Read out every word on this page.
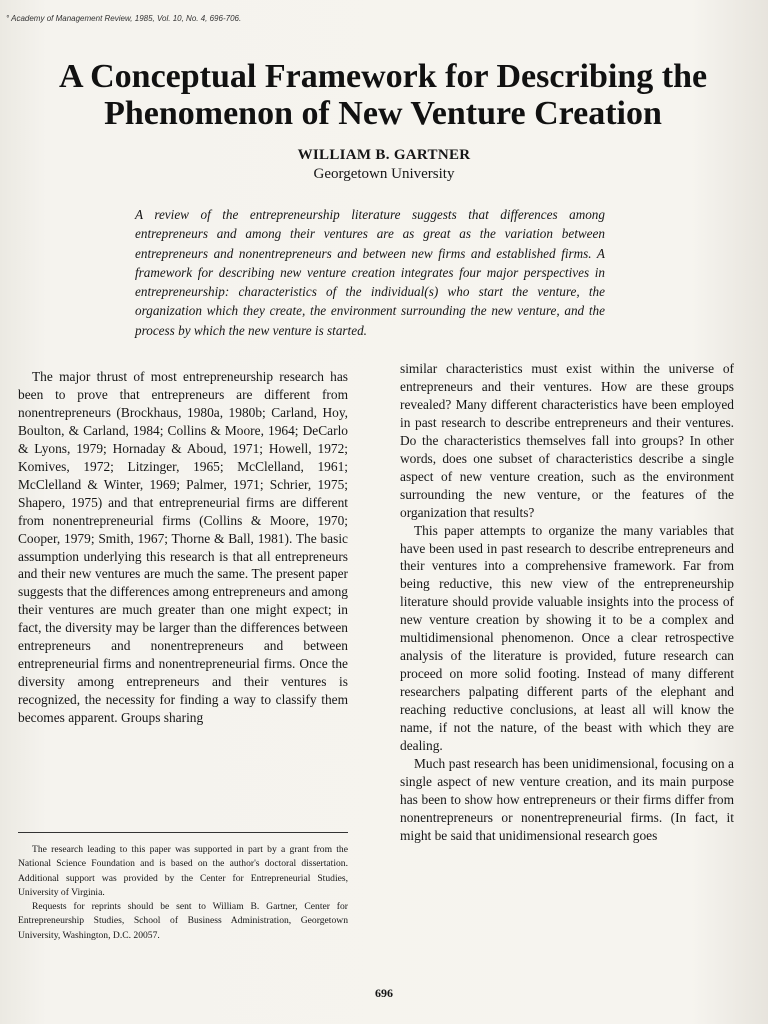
° Academy of Management Review, 1985, Vol. 10, No. 4, 696-706.
A Conceptual Framework for Describing the Phenomenon of New Venture Creation
WILLIAM B. GARTNER
Georgetown University
A review of the entrepreneurship literature suggests that differences among entrepreneurs and among their ventures are as great as the variation between entrepreneurs and nonentrepreneurs and between new firms and established firms. A framework for describing new venture creation integrates four major perspectives in entrepreneurship: characteristics of the individual(s) who start the venture, the organization which they create, the environment surrounding the new venture, and the process by which the new venture is started.

The major thrust of most entrepreneurship research has been to prove that entrepreneurs are different from nonentrepreneurs (Brockhaus, 1980a, 1980b; Carland, Hoy, Boulton, & Carland, 1984; Collins & Moore, 1964; DeCarlo & Lyons, 1979; Hornaday & Aboud, 1971; Howell, 1972; Komives, 1972; Litzinger, 1965; McClelland, 1961; McClelland & Winter, 1969; Palmer, 1971; Schrier, 1975; Shapero, 1975) and that entrepreneurial firms are different from nonentrepreneurial firms (Collins & Moore, 1970; Cooper, 1979; Smith, 1967; Thorne & Ball, 1981). The basic assumption underlying this research is that all entrepreneurs and their new ventures are much the same. The present paper suggests that the differences among entrepreneurs and among their ventures are much greater than one might expect; in fact, the diversity may be larger than the differences between entrepreneurs and nonentrepreneurs and between entrepreneurial firms and nonentrepreneurial firms. Once the diversity among entrepreneurs and their ventures is recognized, the necessity for finding a way to classify them becomes apparent. Groups sharing

The research leading to this paper was supported in part by a grant from the National Science Foundation and is based on the author's doctoral dissertation. Additional support was provided by the Center for Entrepreneurial Studies, University of Virginia.

Requests for reprints should be sent to William B. Gartner, Center for Entrepreneurship Studies, School of Business Administration, Georgetown University, Washington, D.C. 20057.

similar characteristics must exist within the universe of entrepreneurs and their ventures. How are these groups revealed? Many different characteristics have been employed in past research to describe entrepreneurs and their ventures. Do the characteristics themselves fall into groups? In other words, does one subset of characteristics describe a single aspect of new venture creation, such as the environment surrounding the new venture, or the features of the organization that results?

This paper attempts to organize the many variables that have been used in past research to describe entrepreneurs and their ventures into a comprehensive framework. Far from being reductive, this new view of the entrepreneurship literature should provide valuable insights into the process of new venture creation by showing it to be a complex and multidimensional phenomenon. Once a clear retrospective analysis of the literature is provided, future research can proceed on more solid footing. Instead of many different researchers palpating different parts of the elephant and reaching reductive conclusions, at least all will know the name, if not the nature, of the beast with which they are dealing.

Much past research has been unidimensional, focusing on a single aspect of new venture creation, and its main purpose has been to show how entrepreneurs or their firms differ from nonentrepreneurs or nonentrepreneurial firms. (In fact, it might be said that unidimensional research goes

696
